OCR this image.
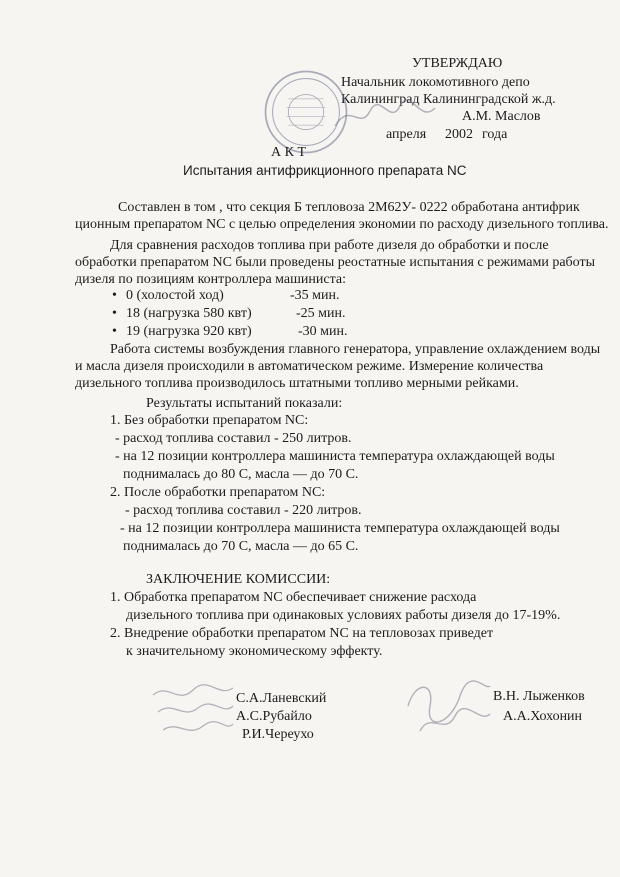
УТВЕРЖДАЮ
Начальник локомотивного депо
Калининград Калининградской ж.д.
А.М. Маслов
апреля 2002 года
А К Т
Испытания антифрикционного препарата NC
Составлен в том , что секция Б тепловоза 2М62У- 0222 обработана антифрик
ционным препаратом NC с целью определения экономии по расходу дизельного топлива.
Для сравнения расходов топлива при работе дизеля до обработки и после
обработки препаратом NC были проведены реостатные испытания с режимами работы
дизеля по позициям контроллера машиниста:
• 0 (холостой ход)	-35 мин.
• 18 (нагрузка 580 квт)	-25 мин.
• 19 (нагрузка 920 квт)	-30 мин.
Работа системы возбуждения главного генератора, управление охлаждением воды
и масла дизеля происходили в автоматическом режиме. Измерение количества
дизельного топлива производилось штатными топливо мерными рейками.
Результаты испытаний показали:
1. Без обработки препаратом NC:
- расход топлива составил - 250 литров.
- на 12 позиции контроллера машиниста температура охлаждающей воды
поднималась до 80 С, масла — до 70 С.
2. После обработки препаратом NC:
- расход топлива составил - 220 литров.
- на 12 позиции контроллера машиниста температура охлаждающей воды
поднималась до 70 С, масла — до 65 С.
ЗАКЛЮЧЕНИЕ КОМИССИИ:
1. Обработка препаратом NC обеспечивает снижение расхода
дизельного топлива при одинаковых условиях работы дизеля до 17-19%.
2. Внедрение обработки препаратом NC на тепловозах приведет
к значительному экономическому эффекту.
С.А.Ланевский
А.С.Рубайло
Р.И.Череухо
В.Н. Лыженков
А.А.Хохонин
